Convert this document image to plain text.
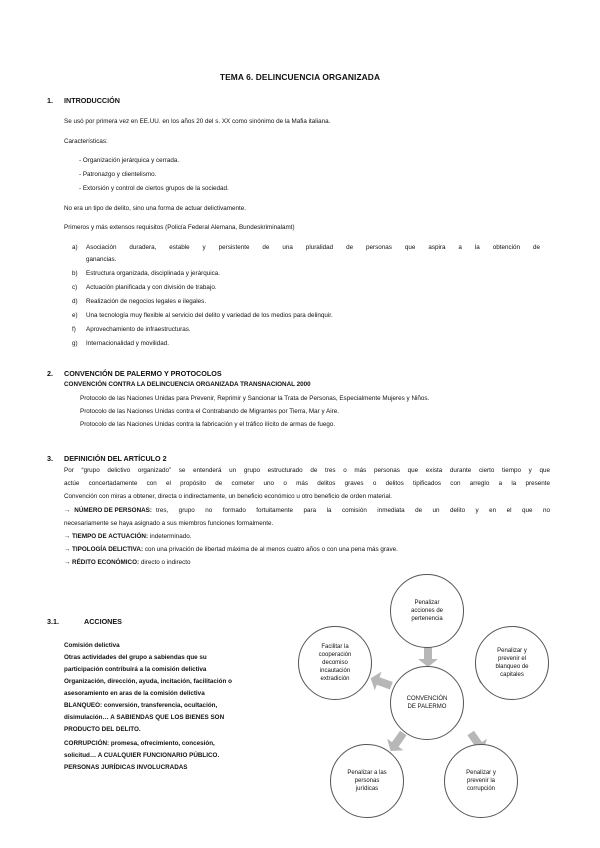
TEMA 6. DELINCUENCIA ORGANIZADA
1. INTRODUCCIÓN
Se usó por primera vez en EE.UU. en los años 20 del s. XX como sinónimo de la Mafia italiana.
Características:
- Organización jerárquica y cerrada.
- Patronazgo y clientelismo.
- Extorsión y control de ciertos grupos de la sociedad.
No era un tipo de delito, sino una forma de actuar delictivamente.
Primeros y más extensos requisitos (Policía Federal Alemana, Bundeskriminalamt)
a) Asociación duradera, estable y persistente de una pluralidad de personas que aspira a la obtención de
ganancias.
b) Estructura organizada, disciplinada y jerárquica.
c) Actuación planificada y con división de trabajo.
d) Realización de negocios legales e ilegales.
e) Una tecnología muy flexible al servicio del delito y variedad de los medios para delinquir.
f) Aprovechamiento de infraestructuras.
g) Internacionalidad y movilidad.
2. CONVENCIÓN DE PALERMO Y PROTOCOLOS
CONVENCIÓN CONTRA LA DELINCUENCIA ORGANIZADA TRANSNACIONAL 2000
Protocolo de las Naciones Unidas para Prevenir, Reprimir y Sancionar la Trata de Personas, Especialmente Mujeres y Niños.
Protocolo de las Naciones Unidas contra el Contrabando de Migrantes por Tierra, Mar y Aire.
Protocolo de las Naciones Unidas contra la fabricación y el tráfico ilícito de armas de fuego.
3. DEFINICIÓN DEL ARTÍCULO 2
Por “grupo delictivo organizado” se entenderá un grupo estructurado de tres o más personas que exista durante cierto tiempo y que
actúe concertadamente con el propósito de cometer uno o más delitos graves o delitos tipificados con arreglo a la presente
Convención con miras a obtener, directa o indirectamente, un beneficio económico u otro beneficio de orden material.
→ NÚMERO DE PERSONAS: tres, grupo no formado fortuitamente para la comisión inmediata de un delito y en el que no
necesariamente se haya asignado a sus miembros funciones formalmente.
→ TIEMPO DE ACTUACIÓN: indeterminado.
→ TIPOLOGÍA DELICTIVA: con una privación de libertad máxima de al menos cuatro años o con una pena más grave.
→ RÉDITO ECONÓMICO: directo o indirecto
3.1.	ACCIONES
Comisión delictiva
Otras actividades del grupo a sabiendas que su
participación contribuirá a la comisión delictiva
Organización, dirección, ayuda, incitación, facilitación o
asesoramiento en aras de la comisión delictiva
BLANQUEO: conversión, transferencia, ocultación,
disimulación… A SABIENDAS QUE LOS BIENES SON
PRODUCTO DEL DELITO.
CORRUPCIÓN: promesa, ofrecimiento, concesión,
solicitud… A CUALQUIER FUNCIONARIO PÚBLICO.
PERSONAS JURÍDICAS INVOLUCRADAS
Penalizar
acciones de
pertenencia
Penalizar y
prevenir el
blanqueo de
capitales
Penalizar y
prevenir la
corrupción
Penalizar a las
personas
jurídicas
Facilitar la
cooperación
decomiso
incautación
extradición
CONVENCIÓN
DE PALERMO
